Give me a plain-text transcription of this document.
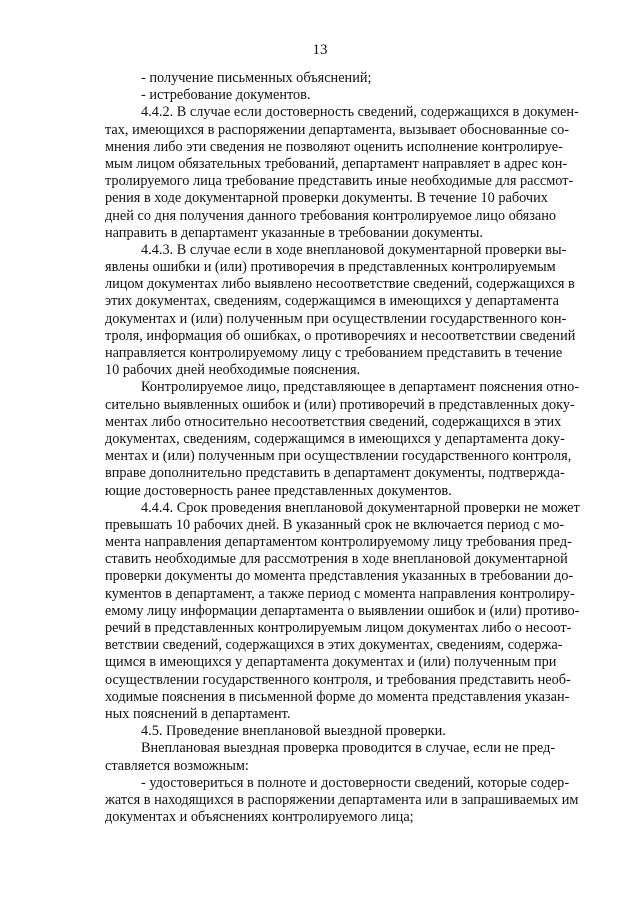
13
- получение письменных объяснений;
- истребование документов.
4.4.2. В случае если достоверность сведений, содержащихся в докумен-
тах, имеющихся в распоряжении департамента, вызывает обоснованные со-
мнения либо эти сведения не позволяют оценить исполнение контролируе-
мым лицом обязательных требований, департамент направляет в адрес кон-
тролируемого лица требование представить иные необходимые для рассмот-
рения в ходе документарной проверки документы. В течение 10 рабочих
дней со дня получения данного требования контролируемое лицо обязано
направить в департамент указанные в требовании документы.
4.4.3. В случае если в ходе внеплановой документарной проверки вы-
явлены ошибки и (или) противоречия в представленных контролируемым
лицом документах либо выявлено несоответствие сведений, содержащихся в
этих документах, сведениям, содержащимся в имеющихся у департамента
документах и (или) полученным при осуществлении государственного кон-
троля, информация об ошибках, о противоречиях и несоответствии сведений
направляется контролируемому лицу с требованием представить в течение
10 рабочих дней необходимые пояснения.
Контролируемое лицо, представляющее в департамент пояснения отно-
сительно выявленных ошибок и (или) противоречий в представленных доку-
ментах либо относительно несоответствия сведений, содержащихся в этих
документах, сведениям, содержащимся в имеющихся у департамента доку-
ментах и (или) полученным при осуществлении государственного контроля,
вправе дополнительно представить в департамент документы, подтвержда-
ющие достоверность ранее представленных документов.
4.4.4. Срок проведения внеплановой документарной проверки не может
превышать 10 рабочих дней. В указанный срок не включается период с мо-
мента направления департаментом контролируемому лицу требования пред-
ставить необходимые для рассмотрения в ходе внеплановой документарной
проверки документы до момента представления указанных в требовании до-
кументов в департамент, а также период с момента направления контролиру-
емому лицу информации департамента о выявлении ошибок и (или) противо-
речий в представленных контролируемым лицом документах либо о несоот-
ветствии сведений, содержащихся в этих документах, сведениям, содержа-
щимся в имеющихся у департамента документах и (или) полученным при
осуществлении государственного контроля, и требования представить необ-
ходимые пояснения в письменной форме до момента представления указан-
ных пояснений в департамент.
4.5. Проведение внеплановой выездной проверки.
Внеплановая выездная проверка проводится в случае, если не пред-
ставляется возможным:
- удостовериться в полноте и достоверности сведений, которые содер-
жатся в находящихся в распоряжении департамента или в запрашиваемых им
документах и объяснениях контролируемого лица;
